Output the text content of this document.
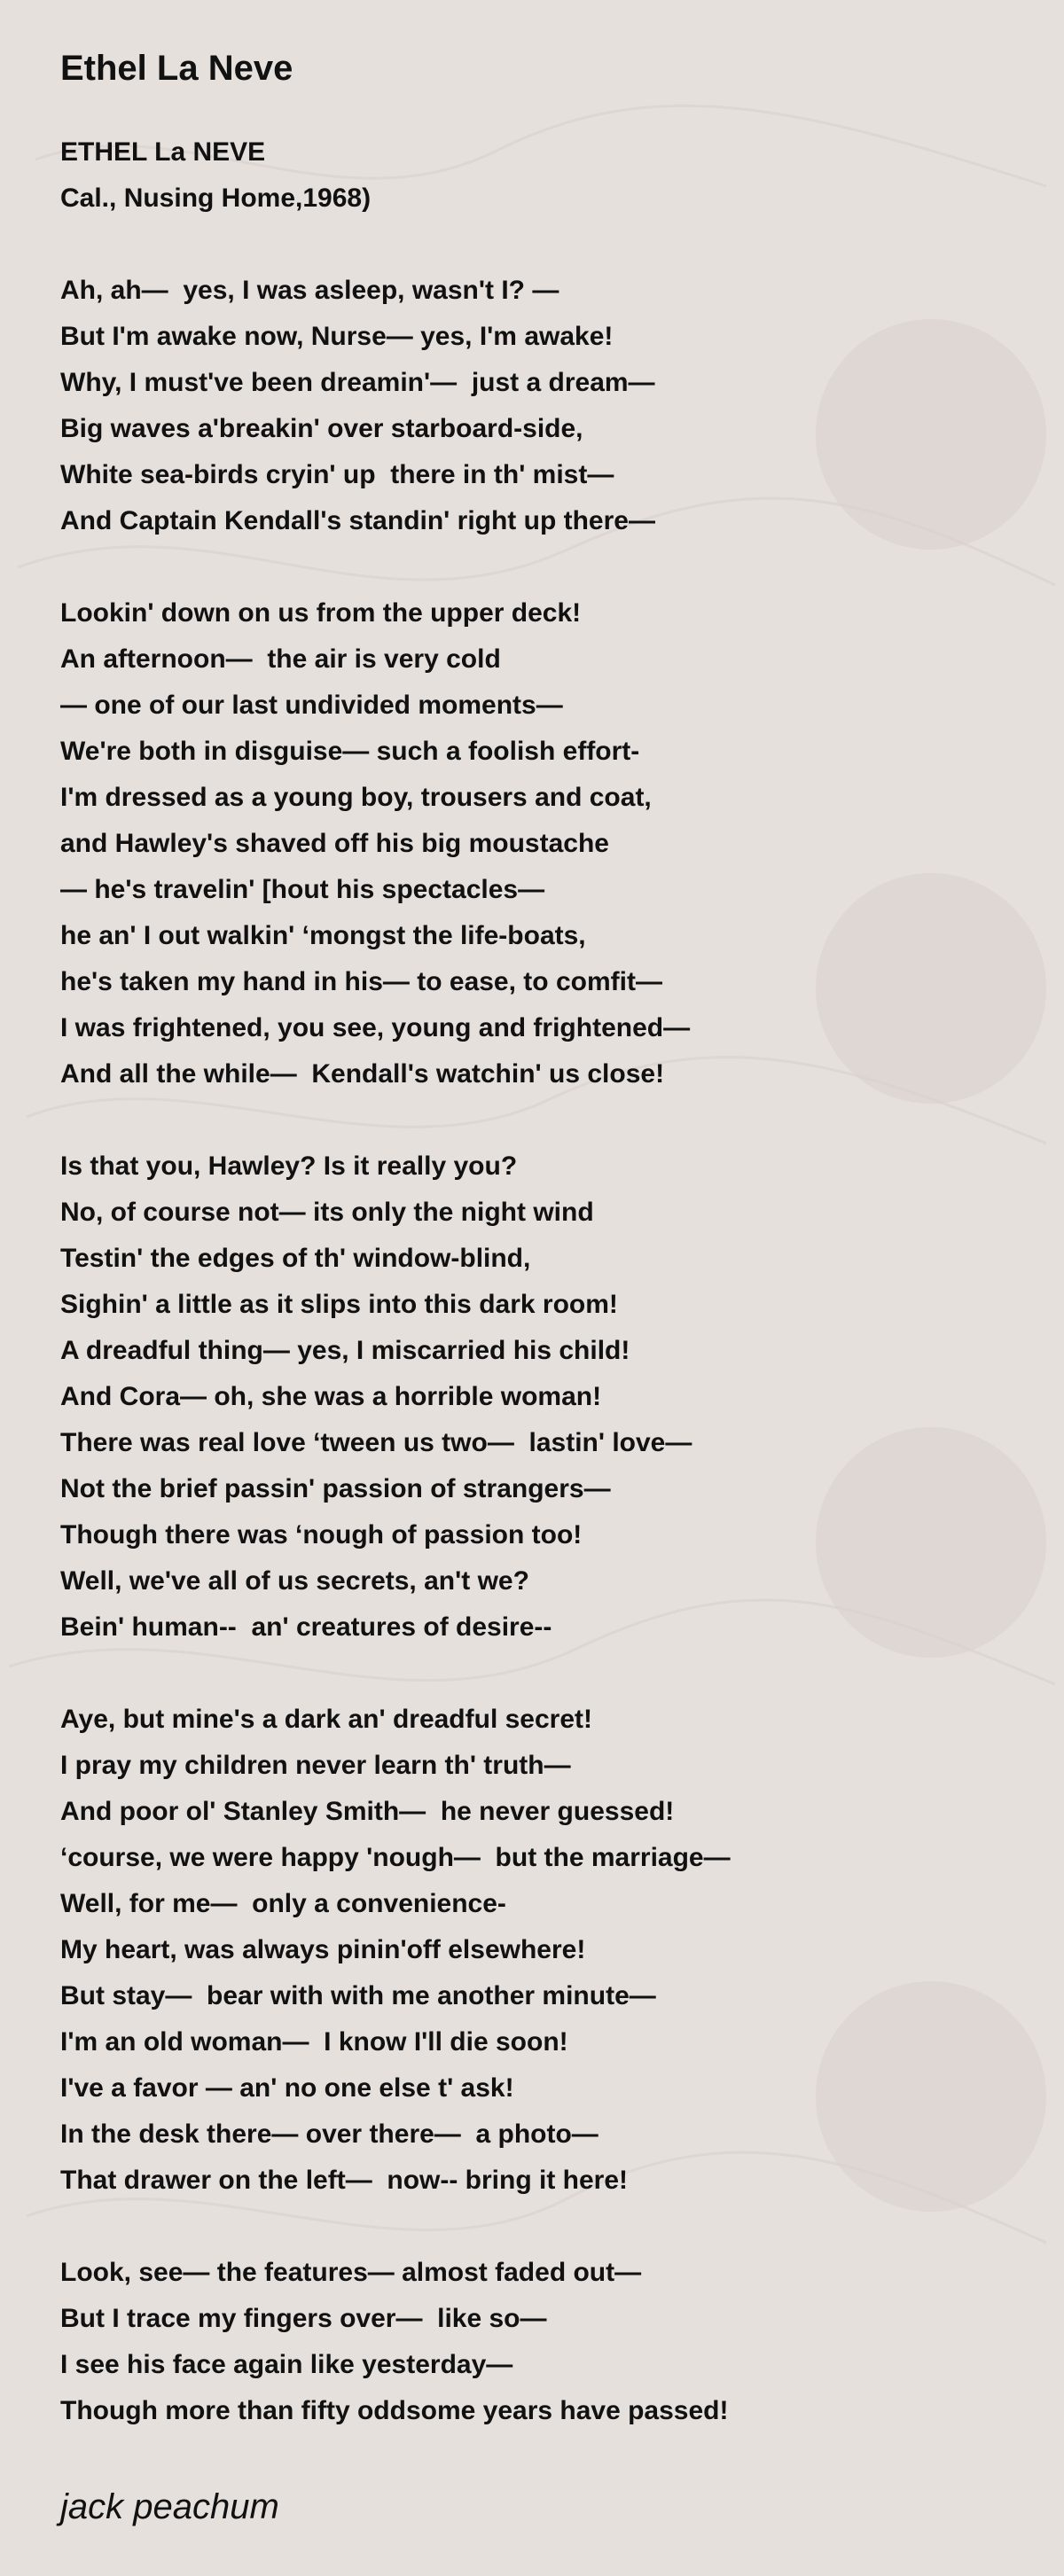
Ethel La Neve
ETHEL La NEVE
Cal., Nusing Home,1968)
Ah, ah—  yes, I was asleep, wasn't I? —
But I'm awake now, Nurse— yes, I'm awake!
Why, I must've been dreamin'—  just a dream—
Big waves a'breakin' over starboard-side,
White sea-birds cryin' up  there in th' mist—
And Captain Kendall's standin' right up there—
Lookin' down on us from the upper deck!
An afternoon—  the air is very cold
— one of our last undivided moments—
We're both in disguise— such a foolish effort-
I'm dressed as a young boy, trousers and coat,
and Hawley's shaved off his big moustache
— he's travelin' [hout his spectacles—
he an' I out walkin' ‘mongst the life-boats,
he's taken my hand in his— to ease, to comfit—
I was frightened, you see, young and frightened—
And all the while—  Kendall's watchin' us close!
Is that you, Hawley? Is it really you?
No, of course not— its only the night wind
Testin' the edges of th' window-blind,
Sighin' a little as it slips into this dark room!
A dreadful thing— yes, I miscarried his child!
And Cora— oh, she was a horrible woman!
There was real love ‘tween us two—  lastin' love—
Not the brief passin' passion of strangers—
Though there was ‘nough of passion too!
Well, we've all of us secrets, an't we?
Bein' human--  an' creatures of desire--
Aye, but mine's a dark an' dreadful secret!
I pray my children never learn th' truth—
And poor ol' Stanley Smith—  he never guessed!
‘course, we were happy 'nough—  but the marriage—
Well, for me—  only a convenience-
My heart, was always pinin'off elsewhere!
But stay—  bear with with me another minute—
I'm an old woman—  I know I'll die soon!
I've a favor — an' no one else t' ask!
In the desk there— over there—  a photo—
That drawer on the left—  now-- bring it here!
Look, see— the features— almost faded out—
But I trace my fingers over—  like so—
I see his face again like yesterday—
Though more than fifty oddsome years have passed!
jack peachum
